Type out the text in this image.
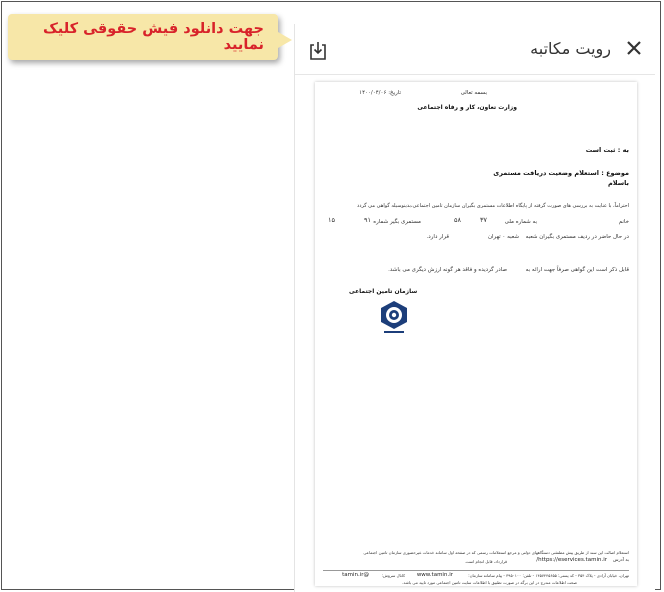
جهت دانلود فیش حقوقی کلیک نمایید	رویت مکاتبه
بسمه تعالی
تاریخ: ۱۴۰۰/۰۴/۰۶
وزارت تعاون، کار و رفاه اجتماعی
به : ثبت است
موضوع : استعلام وضعیت دریافت مستمری
باسلام
احتراماً، با عنایت به بررسی های صورت گرفته از پایگاه اطلاعات مستمری بگیران سازمان تامین اجتماعی،بدینوسیله گواهی می گردد
خانم
به شماره ملی
۳۷
۵۸
مستمری بگیر شماره
۹۱
۱۵
در حال حاضر در ردیف مستمری بگیران شعبه
شعبه ۰ تهران
قرار دارد.
قابل ذکر است این گواهی صرفاً جهت ارائه به
صادر گردیده و فاقد هر گونه ارزش دیگری می باشد.
سازمان تامین اجتماعی
استعلام اصالت این سند از طریق پیش مطمئنی دستگاههای دولتی و مرجع استعلامات رسمی که در صفحه اول سامانه خدمات غیرحضوری سازمان تامین اجتماعی
به آدرس
https://eservices.tamin.ir/
قرارداد، قابل انجام است.
تهران، خیابان آزادی - پلاک ۳۵۴ - کد پستی: ۱۴۵۷۴۴۵۶۵۵ - تلفن: ۳۹۵۰۱۰۰ - پیام سامانه سازمان:
www.tamin.ir
کانال سروش:
@tamin.ir
صحت اطلاعات مندرج در این برگه در صورت تطبیق با اطلاعات سایت تامین اجتماعی مورد تایید می باشد.
